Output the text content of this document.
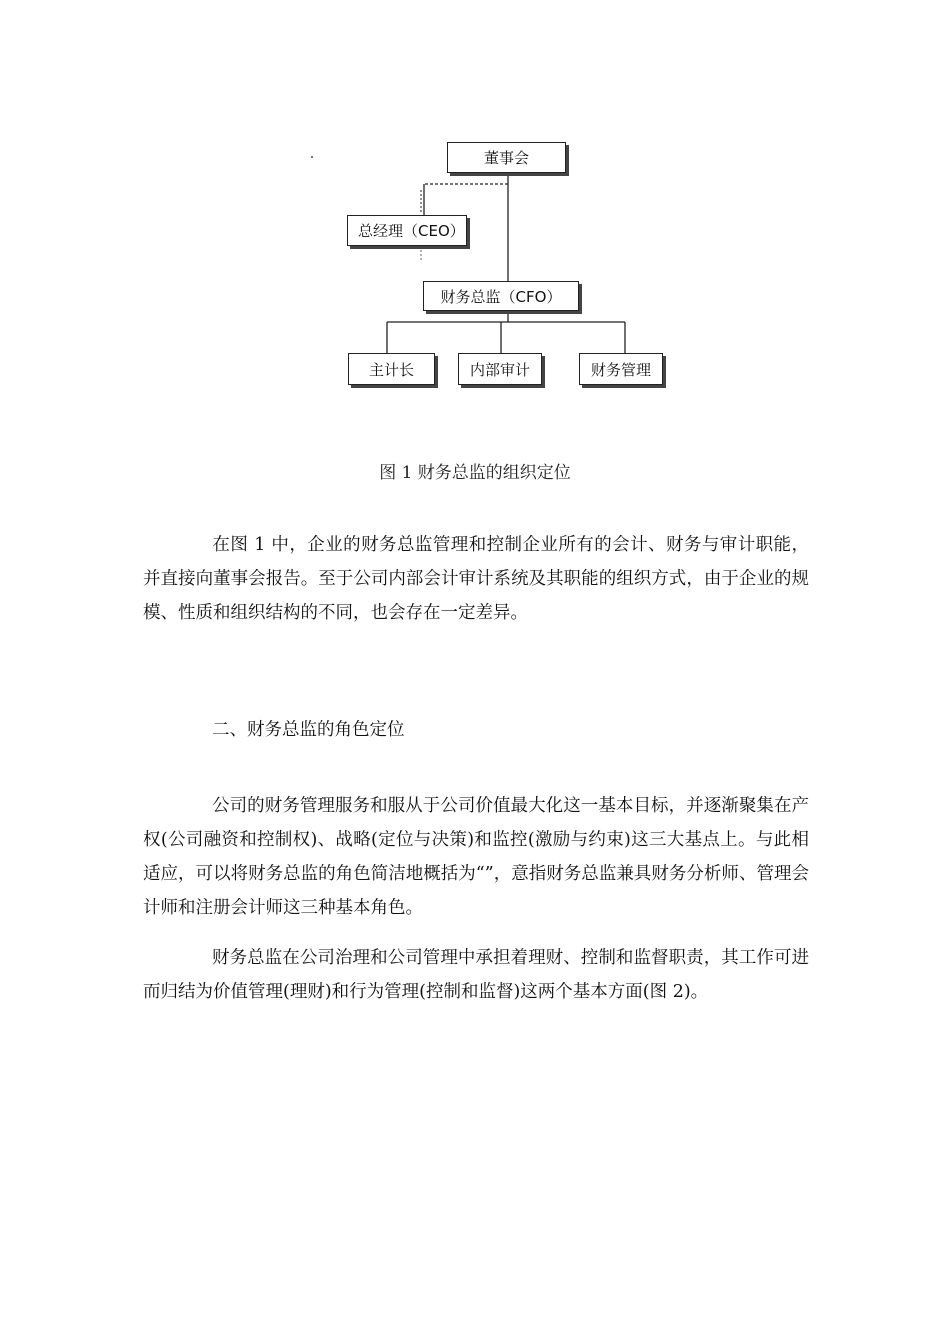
董事会
总经理（CEO）
财务总监（CFO）
主计长	内部审计	财务管理
图 1 财务总监的组织定位
在图 1 中，企业的财务总监管理和控制企业所有的会计、财务与审计职能，并直接向董事会报告。至于公司内部会计审计系统及其职能的组织方式，由于企业的规模、性质和组织结构的不同，也会存在一定差异。
二、财务总监的角色定位
公司的财务管理服务和服从于公司价值最大化这一基本目标，并逐渐聚集在产权(公司融资和控制权)、战略(定位与决策)和监控(激励与约束)这三大基点上。与此相适应，可以将财务总监的角色简洁地概括为“”，意指财务总监兼具财务分析师、管理会计师和注册会计师这三种基本角色。
财务总监在公司治理和公司管理中承担着理财、控制和监督职责，其工作可进而归结为价值管理(理财)和行为管理(控制和监督)这两个基本方面(图 2)。
